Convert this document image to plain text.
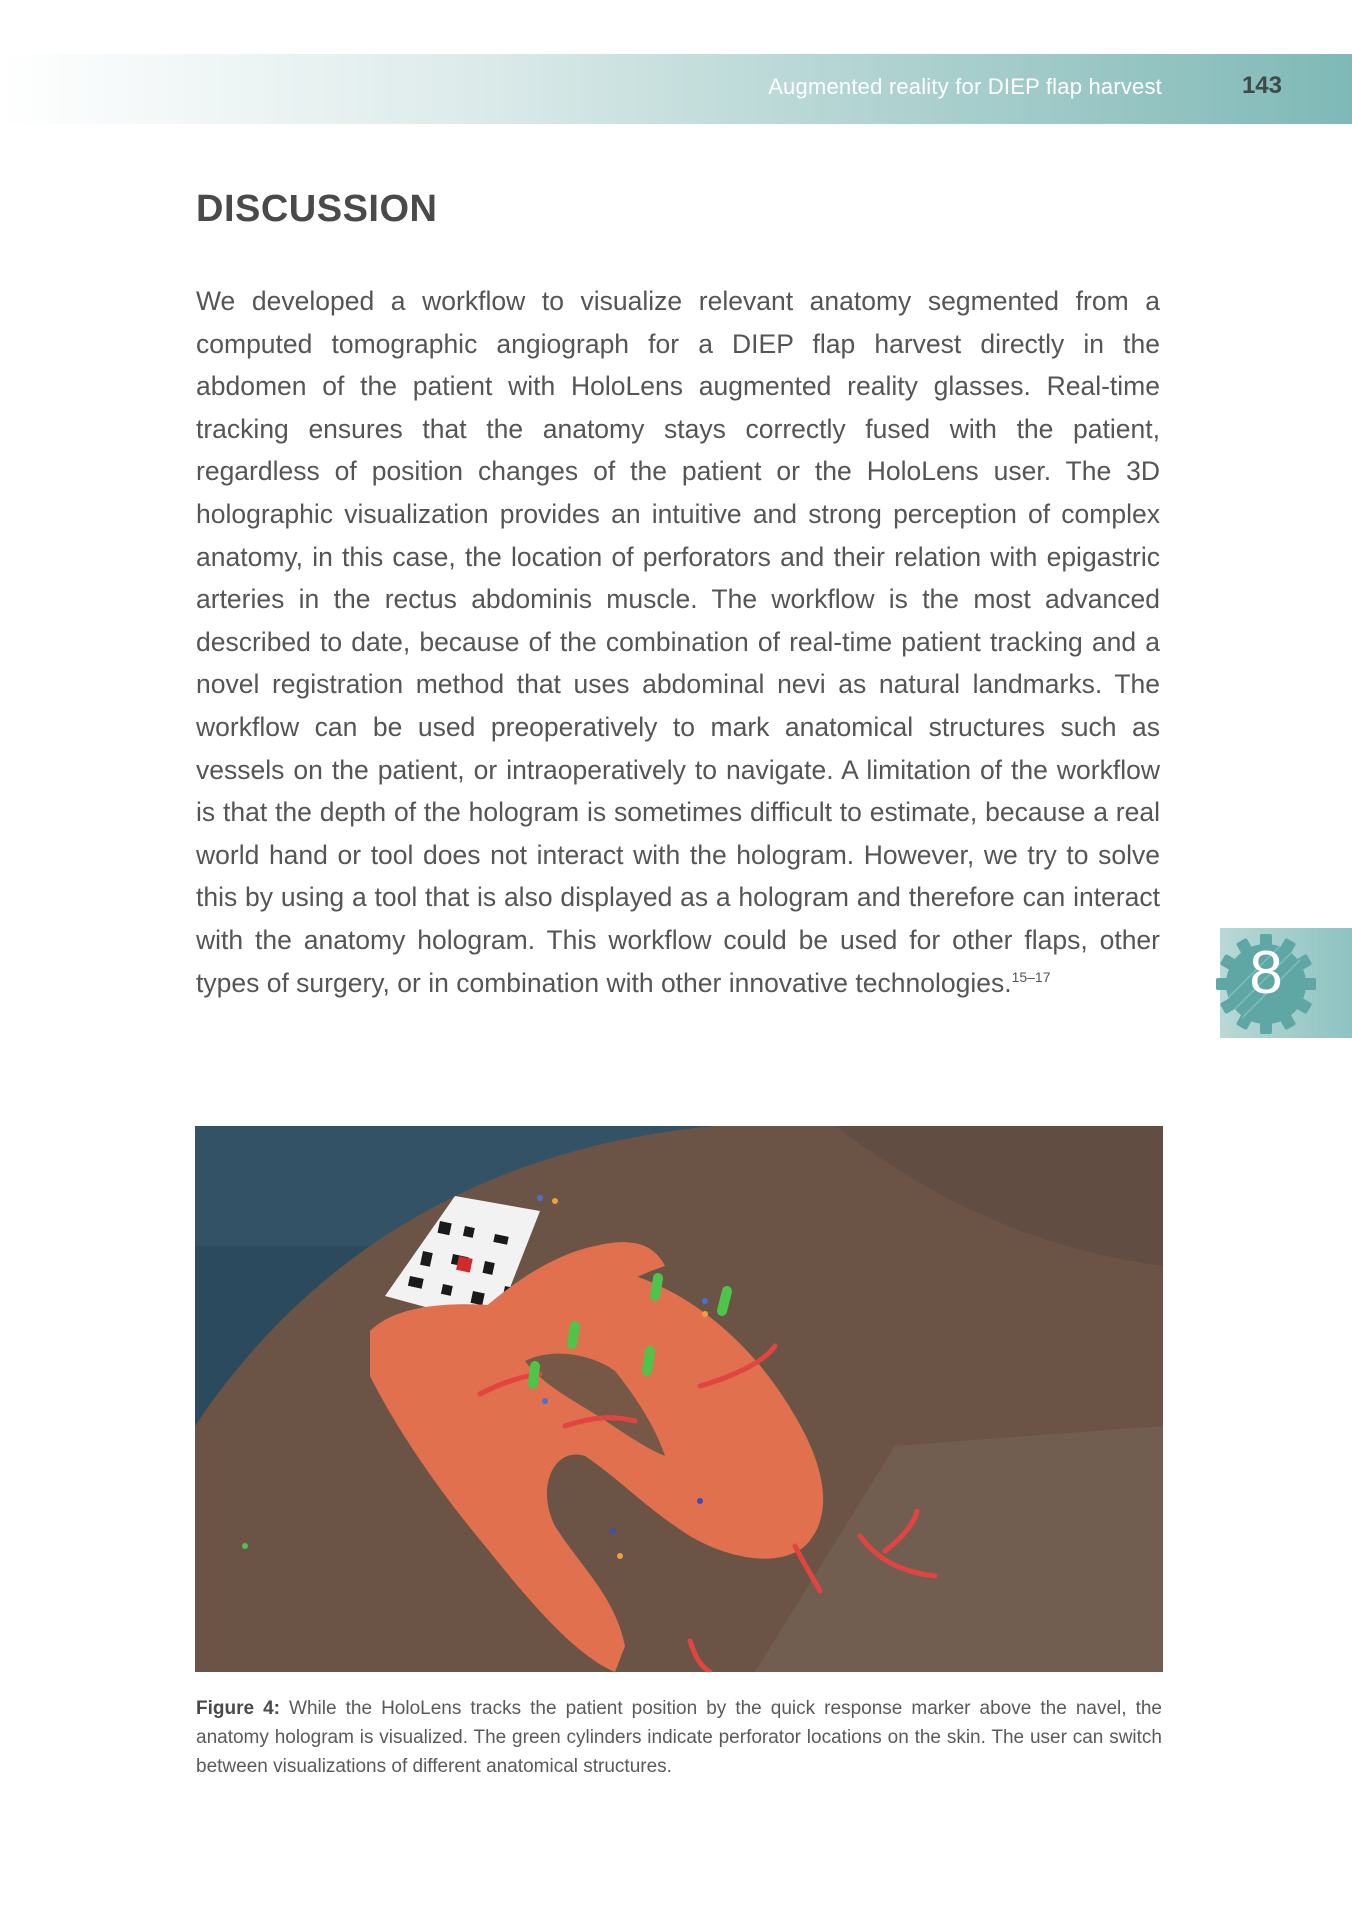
Augmented reality for DIEP flap harvest	143
DISCUSSION

We developed a workflow to visualize relevant anatomy segmented from a computed tomographic angiograph for a DIEP flap harvest directly in the abdomen of the patient with HoloLens augmented reality glasses. Real-time tracking ensures that the anatomy stays correctly fused with the patient, regardless of position changes of the patient or the HoloLens user. The 3D holographic visualization provides an intuitive and strong perception of complex anatomy, in this case, the location of perforators and their relation with epigastric arteries in the rectus abdominis muscle. The workflow is the most advanced described to date, because of the combination of real-time patient tracking and a novel registration method that uses abdominal nevi as natural landmarks. The workflow can be used preoperatively to mark anatomical structures such as vessels on the patient, or intraoperatively to navigate. A limitation of the workflow is that the depth of the hologram is sometimes difficult to estimate, because a real world hand or tool does not interact with the hologram. However, we try to solve this by using a tool that is also displayed as a hologram and therefore can interact with the anatomy hologram. This workflow could be used for other flaps, other types of surgery, or in combination with other innovative technologies.$^{15-17}$	8

Figure 4: While the HoloLens tracks the patient position by the quick response marker above the navel, the anatomy hologram is visualized. The green cylinders indicate perforator locations on the skin. The user can switch between visualizations of different anatomical structures.
